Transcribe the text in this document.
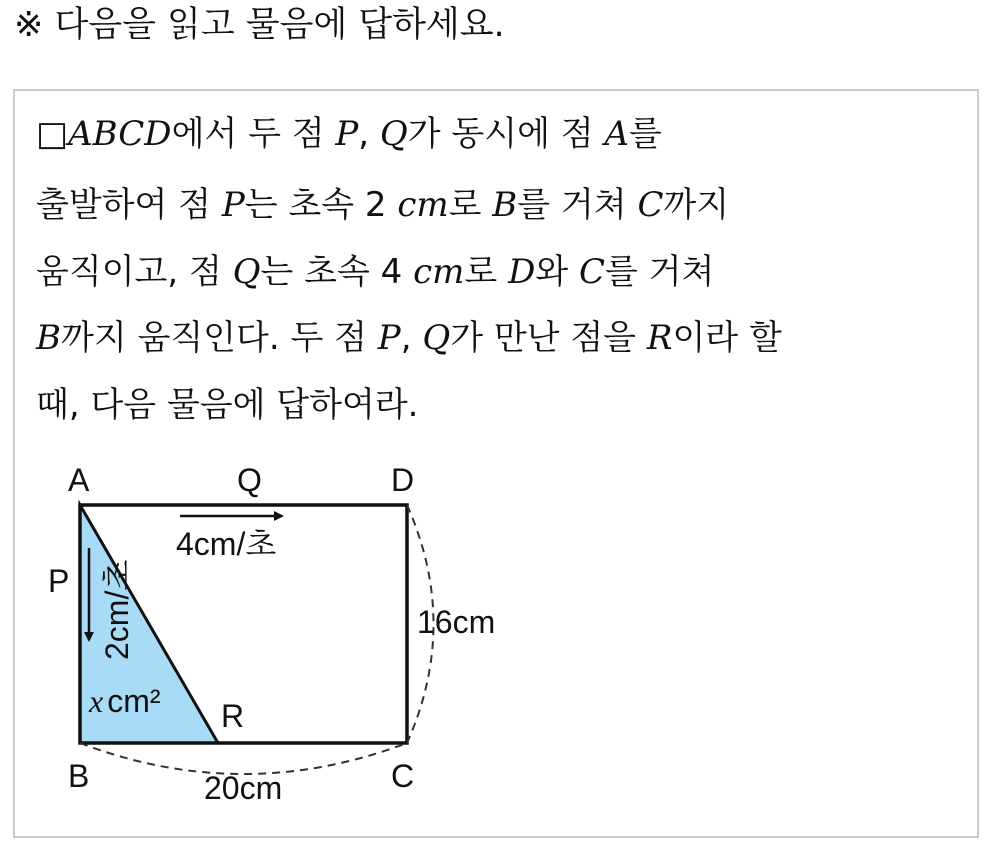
※ 다음을 읽고 물음에 답하세요.
□ABCD에서 두 점 P, Q가 동시에 점 A를
출발하여 점 P는 초속 2 cm로 B를 거쳐 C까지
움직이고, 점 Q는 초속 4 cm로 D와 C를 거쳐
B까지 움직인다. 두 점 P, Q가 만난 점을 R이라 할
때, 다음 물음에 답하여라.
A	Q	D
P
R
B	C
4cm/초
2cm/초	16cm
20cm
x cm²
